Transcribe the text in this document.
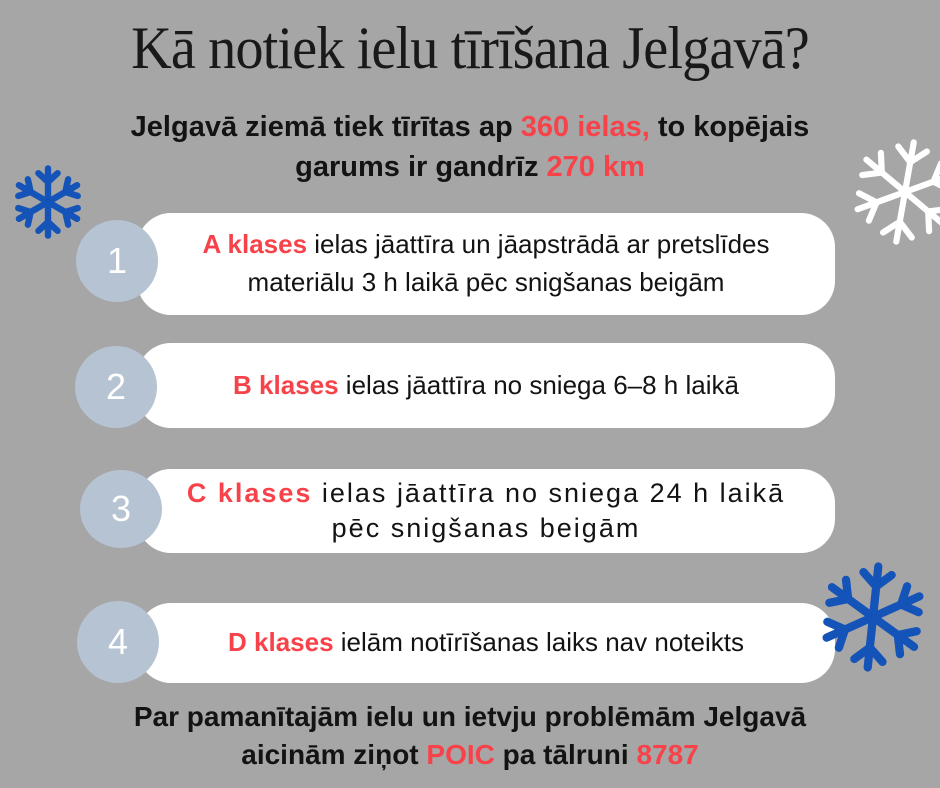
Kā notiek ielu tīrīšana Jelgavā?
Jelgavā ziemā tiek tīrītas ap 360 ielas, to kopējais
garums ir gandrīz 270 km
1
2
3
4
A klases ielas jāattīra un jāapstrādā ar pretslīdes materiālu 3 h laikā pēc snigšanas beigām
B klases ielas jāattīra no sniega 6–8 h laikā
C klases ielas jāattīra no sniega 24 h laikā pēc snigšanas beigām
D klases ielām notīrīšanas laiks nav noteikts
Par pamanītajām ielu un ietvju problēmām Jelgavā
aicinām ziņot POIC pa tālruni 8787
